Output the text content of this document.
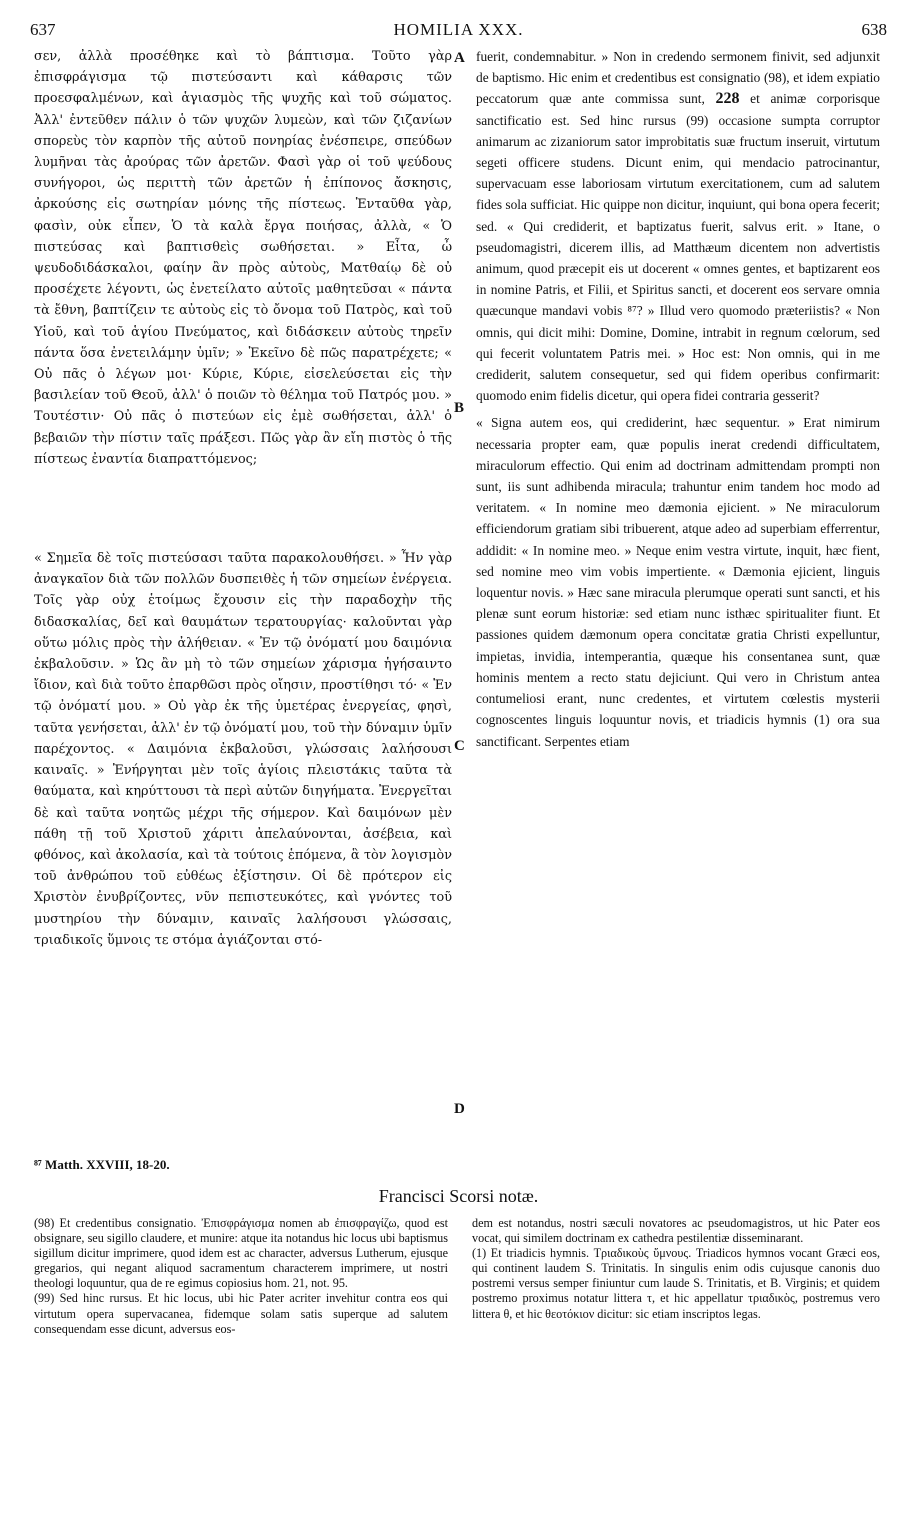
637	HOMILIA XXX.	638
A
B
C
D

σεν, ἀλλὰ προσέθηκε καὶ τὸ βάπτισμα. Τοῦτο γὰρ ἐπισφράγισμα τῷ πιστεύσαντι καὶ κάθαρσις τῶν προεσφαλμένων, καὶ ἁγιασμὸς τῆς ψυχῆς καὶ τοῦ σώματος. Ἀλλ' ἐντεῦθεν πάλιν ὁ τῶν ψυχῶν λυμεὼν, καὶ τῶν ζιζανίων σπορεὺς τὸν καρπὸν τῆς αὐτοῦ πονηρίας ἐνέσπειρε, σπεύδων λυμῆναι τὰς ἀρούρας τῶν ἀρετῶν. Φασὶ γὰρ οἱ τοῦ ψεύδους συνήγοροι, ὡς περιττὴ τῶν ἀρετῶν ἡ ἐπίπονος ἄσκησις, ἀρκούσης εἰς σωτηρίαν μόνης τῆς πίστεως. Ἐνταῦθα γὰρ, φασὶν, οὐκ εἶπεν, Ὁ τὰ καλὰ ἔργα ποιήσας, ἀλλὰ, « Ὁ πιστεύσας καὶ βαπτισθεὶς σωθήσεται. » Εἶτα, ὦ ψευδοδιδάσκαλοι, φαίην ἂν πρὸς αὐτοὺς, Ματθαίῳ δὲ οὐ προσέχετε λέγοντι, ὡς ἐνετείλατο αὐτοῖς μαθητεῦσαι « πάντα τὰ ἔθνη, βαπτίζειν τε αὐτοὺς εἰς τὸ ὄνομα τοῦ Πατρὸς, καὶ τοῦ Υἱοῦ, καὶ τοῦ ἁγίου Πνεύματος, καὶ διδάσκειν αὐτοὺς τηρεῖν πάντα ὅσα ἐνετειλάμην ὑμῖν; » Ἐκεῖνο δὲ πῶς παρατρέχετε; « Οὐ πᾶς ὁ λέγων μοι· Κύριε, Κύριε, εἰσελεύσεται εἰς τὴν βασιλείαν τοῦ Θεοῦ, ἀλλ' ὁ ποιῶν τὸ θέλημα τοῦ Πατρός μου. » Τουτέστιν· Οὐ πᾶς ὁ πιστεύων εἰς ἐμὲ σωθήσεται, ἀλλ' ὁ βεβαιῶν τὴν πίστιν ταῖς πράξεσι. Πῶς γὰρ ἂν εἴη πιστὸς ὁ τῆς πίστεως ἐναντία διαπραττόμενος;

« Σημεῖα δὲ τοῖς πιστεύσασι ταῦτα παρακολουθήσει. » Ἦν γὰρ ἀναγκαῖον διὰ τῶν πολλῶν δυσπειθὲς ἡ τῶν σημείων ἐνέργεια. Τοῖς γὰρ οὐχ ἑτοίμως ἔχουσιν εἰς τὴν παραδοχὴν τῆς διδασκαλίας, δεῖ καὶ θαυμάτων τερατουργίας· καλοῦνται γὰρ οὕτω μόλις πρὸς τὴν ἀλήθειαν. « Ἐν τῷ ὀνόματί μου δαιμόνια ἐκβαλοῦσιν. » Ὡς ἂν μὴ τὸ τῶν σημείων χάρισμα ἡγήσαιντο ἴδιον, καὶ διὰ τοῦτο ἐπαρθῶσι πρὸς οἴησιν, προστίθησι τό· « Ἐν τῷ ὀνόματί μου. » Οὐ γὰρ ἐκ τῆς ὑμετέρας ἐνεργείας, φησὶ, ταῦτα γενήσεται, ἀλλ' ἐν τῷ ὀνόματί μου, τοῦ τὴν δύναμιν ὑμῖν παρέχοντος. « Δαιμόνια ἐκβαλοῦσι, γλώσσαις λαλήσουσι καιναῖς. » Ἐνήργηται μὲν τοῖς ἁγίοις πλειστάκις ταῦτα τὰ θαύματα, καὶ κηρύττουσι τὰ περὶ αὐτῶν διηγήματα. Ἐνεργεῖται δὲ καὶ ταῦτα νοητῶς μέχρι τῆς σήμερον. Καὶ δαιμόνων μὲν πάθη τῇ τοῦ Χριστοῦ χάριτι ἀπελαύνονται, ἀσέβεια, καὶ φθόνος, καὶ ἀκολασία, καὶ τὰ τούτοις ἑπόμενα, ἃ τὸν λογισμὸν τοῦ ἀνθρώπου τοῦ εὐθέως ἐξίστησιν. Οἱ δὲ πρότερον εἰς Χριστὸν ἐνυβρίζοντες, νῦν πεπιστευκότες, καὶ γνόντες τοῦ μυστηρίου τὴν δύναμιν, καιναῖς λαλήσουσι γλώσσαις, τριαδικοῖς ὕμνοις τε στόμα ἁγιάζονται στό-

fuerit, condemnabitur. » Non in credendo sermonem finivit, sed adjunxit de baptismo. Hic enim et credentibus est consignatio (98), et idem expiatio peccatorum quæ ante commissa sunt, 228 et animæ corporisque sanctificatio est. Sed hinc rursus (99) occasione sumpta corruptor animarum ac zizaniorum sator improbitatis suæ fructum inseruit, virtutum segeti officere studens. Dicunt enim, qui mendacio patrocinantur, supervacuam esse laboriosam virtutum exercitationem, cum ad salutem fides sola sufficiat. Hic quippe non dicitur, inquiunt, qui bona opera fecerit; sed. « Qui crediderit, et baptizatus fuerit, salvus erit. » Itane, o pseudomagistri, dicerem illis, ad Matthæum dicentem non advertistis animum, quod præcepit eis ut docerent « omnes gentes, et baptizarent eos in nomine Patris, et Filii, et Spiritus sancti, et docerent eos servare omnia quæcunque mandavi vobis ⁸⁷? » Illud vero quomodo præteriistis? « Non omnis, qui dicit mihi: Domine, Domine, intrabit in regnum cœlorum, sed qui fecerit voluntatem Patris mei. » Hoc est: Non omnis, qui in me crediderit, salutem consequetur, sed qui fidem operibus confirmarit: quomodo enim fidelis dicetur, qui opera fidei contraria gesserit?

« Signa autem eos, qui crediderint, hæc sequentur. » Erat nimirum necessaria propter eam, quæ populis inerat credendi difficultatem, miraculorum effectio. Qui enim ad doctrinam admittendam prompti non sunt, iis sunt adhibenda miracula; trahuntur enim tandem hoc modo ad veritatem. « In nomine meo dæmonia ejicient. » Ne miraculorum efficiendorum gratiam sibi tribuerent, atque adeo ad superbiam efferrentur, addidit: « In nomine meo. » Neque enim vestra virtute, inquit, hæc fient, sed nomine meo vim vobis impertiente. « Dæmonia ejicient, linguis loquentur novis. » Hæc sane miracula plerumque operati sunt sancti, et his plenæ sunt eorum historiæ: sed etiam nunc isthæc spiritualiter fiunt. Et passiones quidem dæmonum opera concitatæ gratia Christi expelluntur, impietas, invidia, intemperantia, quæque his consentanea sunt, quæ hominis mentem a recto statu dejiciunt. Qui vero in Christum antea contumeliosi erant, nunc credentes, et virtutem cœlestis mysterii cognoscentes linguis loquuntur novis, et triadicis hymnis (1) ora sua sanctificant. Serpentes etiam

⁸⁷ Matth. XXVIII, 18-20.
Francisci Scorsi notæ.

(98) Et credentibus consignatio. Ἐπισφράγισμα nomen ab ἐπισφραγίζω, quod est obsignare, seu sigillo claudere, et munire: atque ita notandus hic locus ubi baptismus sigillum dicitur imprimere, quod idem est ac character, adversus Lutherum, ejusque gregarios, qui negant aliquod sacramentum characterem imprimere, ut nostri theologi loquuntur, qua de re egimus copiosius hom. 21, not. 95.

(99) Sed hinc rursus. Et hic locus, ubi hic Pater acriter invehitur contra eos qui virtutum opera supervacanea, fidemque solam satis superque ad salutem consequendam esse dicunt, adversus eos-

dem est notandus, nostri sæculi novatores ac pseudomagistros, ut hic Pater eos vocat, qui similem doctrinam ex cathedra pestilentiæ disseminarant.

(1) Et triadicis hymnis. Τριαδικοὺς ὕμνους. Triadicos hymnos vocant Græci eos, qui continent laudem S. Trinitatis. In singulis enim odis cujusque canonis duo postremi versus semper finiuntur cum laude S. Trinitatis, et B. Virginis; et quidem postremo proximus notatur littera τ, et hic appellatur τριαδικὸς, postremus vero littera θ, et hic θεοτόκιον dicitur: sic etiam inscriptos legas.
